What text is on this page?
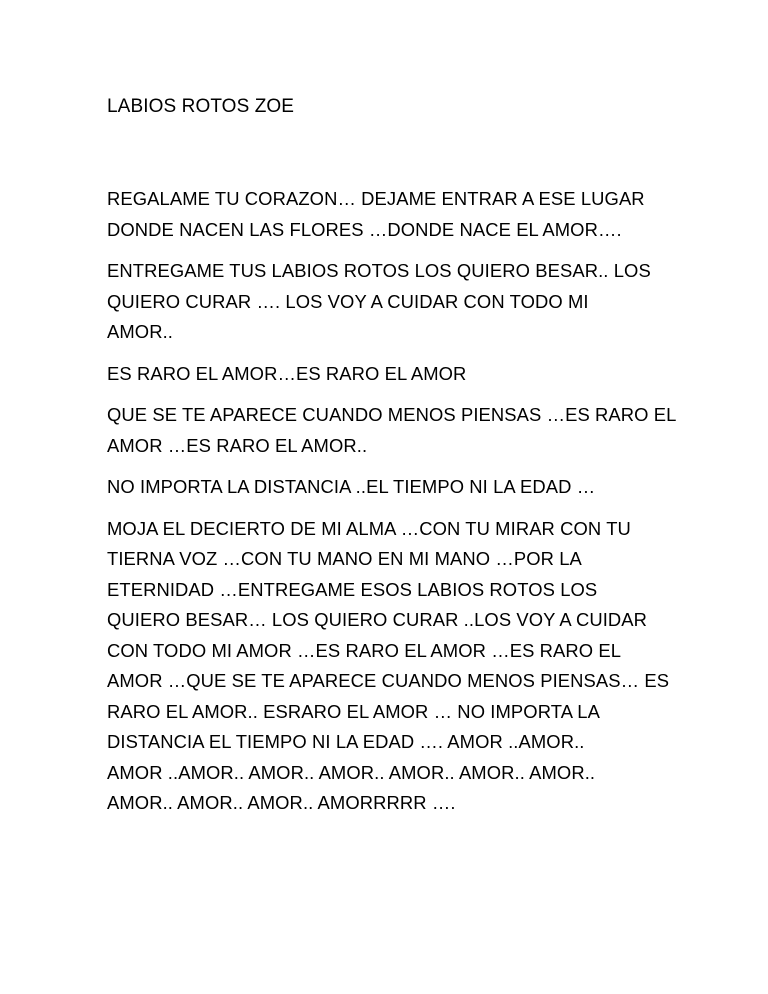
LABIOS ROTOS ZOE

REGALAME TU CORAZON… DEJAME ENTRAR A ESE LUGAR
DONDE NACEN LAS FLORES …DONDE NACE EL AMOR….

ENTREGAME TUS LABIOS ROTOS LOS QUIERO BESAR.. LOS
QUIERO CURAR …. LOS VOY A CUIDAR CON TODO MI
AMOR..

ES RARO EL AMOR…ES RARO EL AMOR

QUE SE TE APARECE CUANDO MENOS PIENSAS …ES RARO EL
AMOR …ES RARO EL AMOR..

NO IMPORTA LA DISTANCIA ..EL TIEMPO NI LA EDAD …

MOJA EL DECIERTO DE MI ALMA …CON TU MIRAR CON TU
TIERNA VOZ …CON TU MANO EN MI MANO …POR LA
ETERNIDAD …ENTREGAME ESOS LABIOS ROTOS LOS
QUIERO BESAR… LOS QUIERO CURAR ..LOS VOY A CUIDAR
CON TODO MI AMOR …ES RARO EL AMOR …ES RARO EL
AMOR …QUE SE TE APARECE CUANDO MENOS PIENSAS… ES
RARO EL AMOR.. ESRARO EL AMOR … NO IMPORTA LA
DISTANCIA EL TIEMPO NI LA EDAD …. AMOR ..AMOR..
AMOR ..AMOR.. AMOR.. AMOR.. AMOR.. AMOR.. AMOR..
AMOR.. AMOR.. AMOR.. AMORRRRR ….
